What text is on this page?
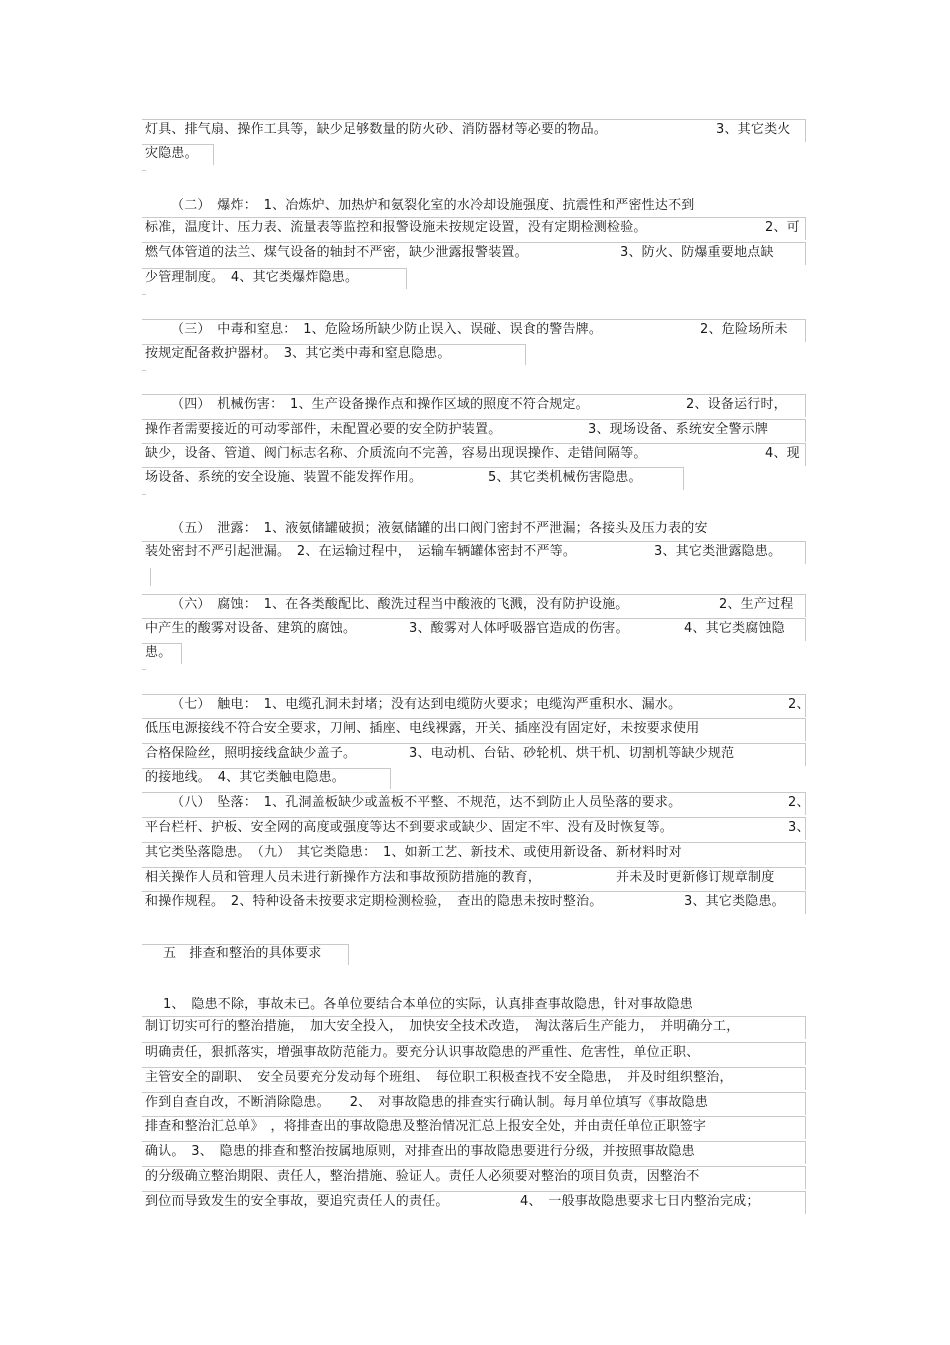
灯具、排气扇、操作工具等，缺少足够数量的防火砂、消防器材等必要的物品。	3、其它类火
灾隐患。
（二）　爆炸：　1、冶炼炉、加热炉和氨裂化室的水冷却设施强度、抗震性和严密性达不到
标准，温度计、压力表、流量表等监控和报警设施未按规定设置，没有定期检测检验。	2、可
燃气体管道的法兰、煤气设备的轴封不严密，缺少泄露报警装置。	3、防火、防爆重要地点缺
少管理制度。　4、其它类爆炸隐患。
（三）　中毒和窒息：　1、危险场所缺少防止误入、误碰、误食的警告牌。	2、危险场所未
按规定配备救护器材。　3、其它类中毒和窒息隐患。
（四）　机械伤害：　1、生产设备操作点和操作区域的照度不符合规定。	2、设备运行时，
操作者需要接近的可动零部件，未配置必要的安全防护装置。	3、现场设备、系统安全警示牌
缺少，设备、管道、阀门标志名称、介质流向不完善，容易出现误操作、走错间隔等。	4、现
场设备、系统的安全设施、装置不能发挥作用。	5、其它类机械伤害隐患。
（五）　泄露：　1、液氨储罐破损；液氨储罐的出口阀门密封不严泄漏；各接头及压力表的安
装处密封不严引起泄漏。　2、在运输过程中，　运输车辆罐体密封不严等。	3、其它类泄露隐患。
（六）　腐蚀：　1、在各类酸配比、酸洗过程当中酸液的飞溅，没有防护设施。	2、生产过程
中产生的酸雾对设备、建筑的腐蚀。	3、酸雾对人体呼吸器官造成的伤害。	4、其它类腐蚀隐
患。
（七）　触电：　1、电缆孔洞未封堵；没有达到电缆防火要求；电缆沟严重积水、漏水。	2、
低压电源接线不符合安全要求，刀闸、插座、电线裸露，开关、插座没有固定好，未按要求使用
合格保险丝，照明接线盒缺少盖子。	3、电动机、台钻、砂轮机、烘干机、切割机等缺少规范
的接地线。　4、其它类触电隐患。
（八）　坠落：　1、孔洞盖板缺少或盖板不平整、不规范，达不到防止人员坠落的要求。	2、
平台栏杆、护板、安全网的高度或强度等达不到要求或缺少、固定不牢、没有及时恢复等。	3、
其它类坠落隐患。　（九）　其它类隐患：　1、如新工艺、新技术、或使用新设备、新材料时对
相关操作人员和管理人员未进行新操作方法和事故预防措施的教育，	并未及时更新修订规章制度
和操作规程。　2、特种设备未按要求定期检测检验，　查出的隐患未按时整治。	3、其它类隐患。
五　排查和整治的具体要求
1、　隐患不除，事故未已。各单位要结合本单位的实际，认真排查事故隐患，针对事故隐患
制订切实可行的整治措施，　加大安全投入，　加快安全技术改造，　淘汰落后生产能力，　并明确分工，
明确责任，狠抓落实，增强事故防范能力。要充分认识事故隐患的严重性、危害性，单位正职、
主管安全的副职、　安全员要充分发动每个班组、　每位职工积极查找不安全隐患，　并及时组织整治，
作到自查自改，不断消除隐患。　　2、　对事故隐患的排查实行确认制。每月单位填写《事故隐患
排查和整治汇总单》　，将排查出的事故隐患及整治情况汇总上报安全处，并由责任单位正职签字
确认。　3、　隐患的排查和整治按属地原则，对排查出的事故隐患要进行分级，并按照事故隐患
的分级确立整治期限、责任人，整治措施、验证人。责任人必须要对整治的项目负责，因整治不
到位而导致发生的安全事故，要追究责任人的责任。	4、　一般事故隐患要求七日内整治完成；
